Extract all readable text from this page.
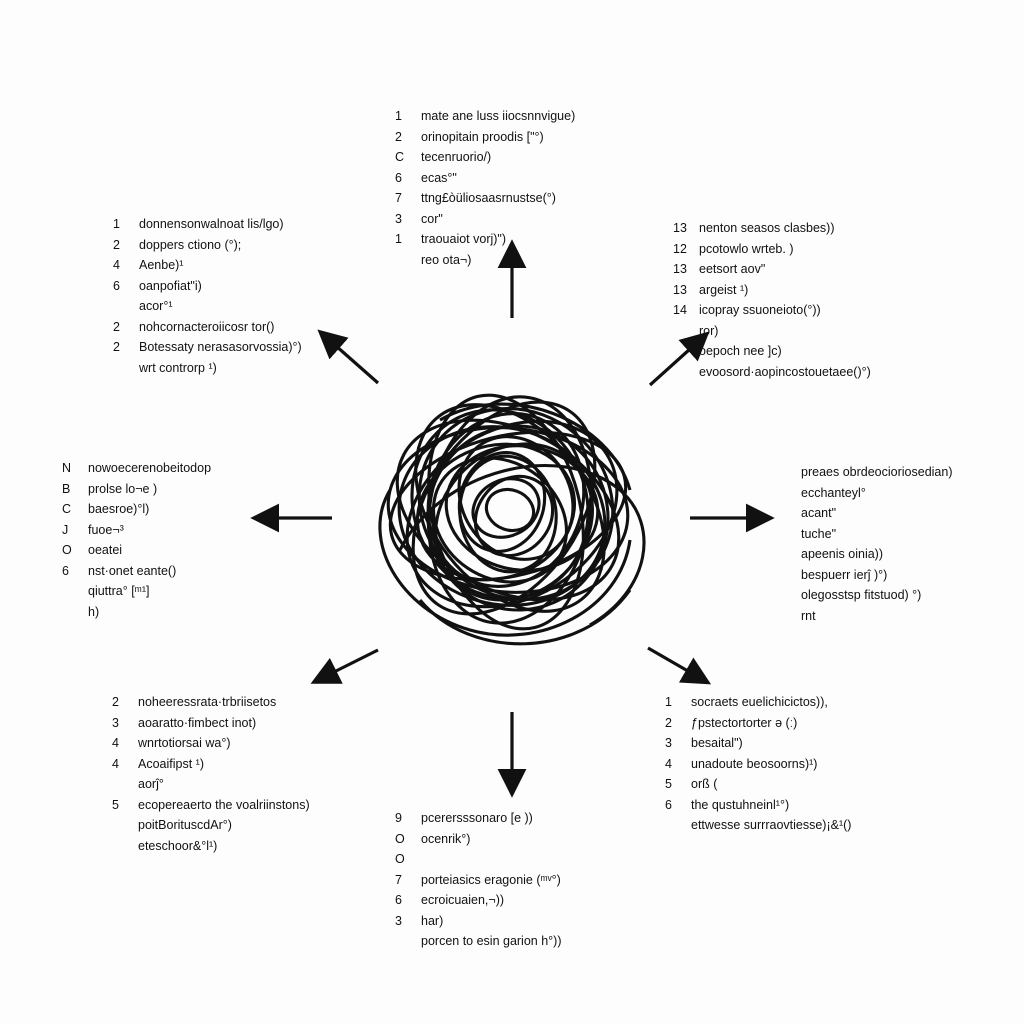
1	mate ane luss iiocsnnvigue)
2	orinopitain proodis ["°)
C	tecenruorio/)
6	ecas°"
7	ttng£òüliosaasrnustse(°)
3	cor"
1	traouaiot vorj)")
reo ota¬)
1	donnensonwalnoat lis/lgo)
2	doppers ctiono (°);
4	Aenbe)¹
6	oanpofiat"i)
acor°¹
2	nohcornacteroiicosr tor()
2	Botessaty nerasasorvossia)°)
wrt controrp ¹)
13 nenton seasos clasbes))
12 pcotowlo wrteb. )
13 eetsort aov"
13 argeist ¹)
14 icopray ssuoneioto(°))
ror)
oepoch nee ]c)
evoosord·aopincostouetaee()°)
N	nowoecerenobeitodop
B	prolse lo¬e )
C	baesroe)°l)
J	fuoe¬³
O	oeatei
6	nst·onet eante()
qiuttra° [ᵐ¹]
h)
preaes obrdeocioriosedian)
ecchanteyl°
acant"
tuche"
apeenis oinia))
bespuerr ierĵ )°)
olegosstsp fitstuod) °)
rnt
2	noheeressrata·trbriisetos
3	aoaratto·fimbect inot)
4	wnrtotiorsai wa°)
4	Acoaifipst ¹)
aorĵ°
5	ecopereaerto the voalriinstons)
poitBorituscdAr°)
eteschoor&°l¹)
9	pcerersssonaro [e ))
O	ocenrik°)
O
7	porteiasics eragonie (ᵐᵛ°)
6	ecroicuaien,¬))
3	har)
porcen to esin garion h°))
1	socraets euelichicictos)),
2	ƒpstectortorter ə (ː)
3	besaital")
4	unadoute beosoorns)¹)
5	orß (
6	the qustuhneinl¹°)
ettwesse surrraovtiesse)¡&¹()
